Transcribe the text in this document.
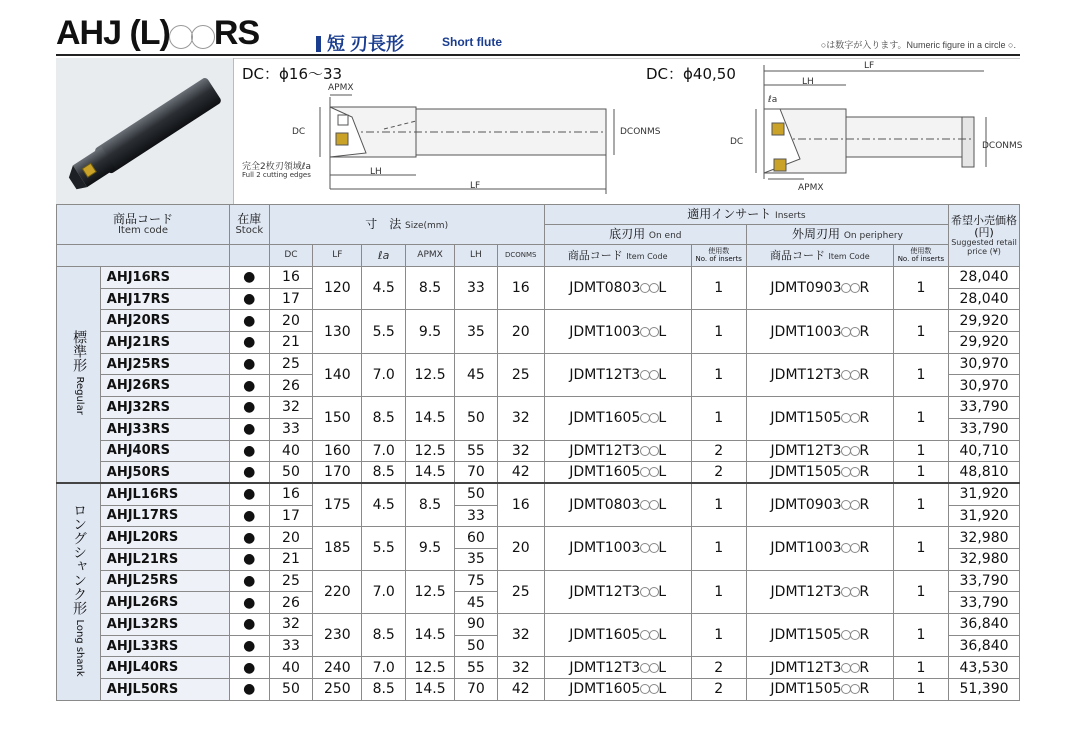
AHJ (L) RS	短 刃長形	Short flute	○は数字が入ります。Numeric figure in a circle ○.
DC：ϕ16～33	DC：ϕ40,50
APMX
DC	DCONMS
LH
LF
完全2枚刃領域ℓa
Full 2 cutting edges
LF
LH
ℓa
DC	DCONMS
APMX
商品コード
Item code		在庫
Stock	寸　法 Size(mm)						適用インサート Inserts				希望小売価格(円)
Suggested retail price (¥)

									底刃用 On end		外周刃用 On periphery		
			DC	LF	ℓa	APMX	LH	DCONMS	商品コード Item Code	使用数
No. of inserts	商品コード Item Code	使用数
No. of inserts	
標準形 Regular	AHJ16RS	●	16	120	4.5	8.5	33	16	JDMT0803 L	1	JDMT0903 R	1	28,040
	AHJ17RS	●	17										28,040
	AHJ20RS	●	20	130	5.5	9.5	35	20	JDMT1003 L	1	JDMT1003 R	1	29,920
	AHJ21RS	●	21										29,920
	AHJ25RS	●	25	140	7.0	12.5	45	25	JDMT12T3 L	1	JDMT12T3 R	1	30,970
	AHJ26RS	●	26										30,970
	AHJ32RS	●	32	150	8.5	14.5	50	32	JDMT1605 L	1	JDMT1505 R	1	33,790
	AHJ33RS	●	33										33,790
	AHJ40RS	●	40	160	7.0	12.5	55	32	JDMT12T3 L	2	JDMT12T3 R	1	40,710
	AHJ50RS	●	50	170	8.5	14.5	70	42	JDMT1605 L	2	JDMT1505 R	1	48,810
ロングシャンク形 Long shank	AHJL16RS	●	16	175	4.5	8.5	50	16	JDMT0803 L	1	JDMT0903 R	1	31,920
	AHJL17RS	●	17				33						31,920
	AHJL20RS	●	20	185	5.5	9.5	60	20	JDMT1003 L	1	JDMT1003 R	1	32,980
	AHJL21RS	●	21				35						32,980
	AHJL25RS	●	25	220	7.0	12.5	75	25	JDMT12T3 L	1	JDMT12T3 R	1	33,790
	AHJL26RS	●	26				45						33,790
	AHJL32RS	●	32	230	8.5	14.5	90	32	JDMT1605 L	1	JDMT1505 R	1	36,840
	AHJL33RS	●	33				50						36,840
	AHJL40RS	●	40	240	7.0	12.5	55	32	JDMT12T3 L	2	JDMT12T3 R	1	43,530
	AHJL50RS	●	50	250	8.5	14.5	70	42	JDMT1605 L	2	JDMT1505 R	1	51,390
